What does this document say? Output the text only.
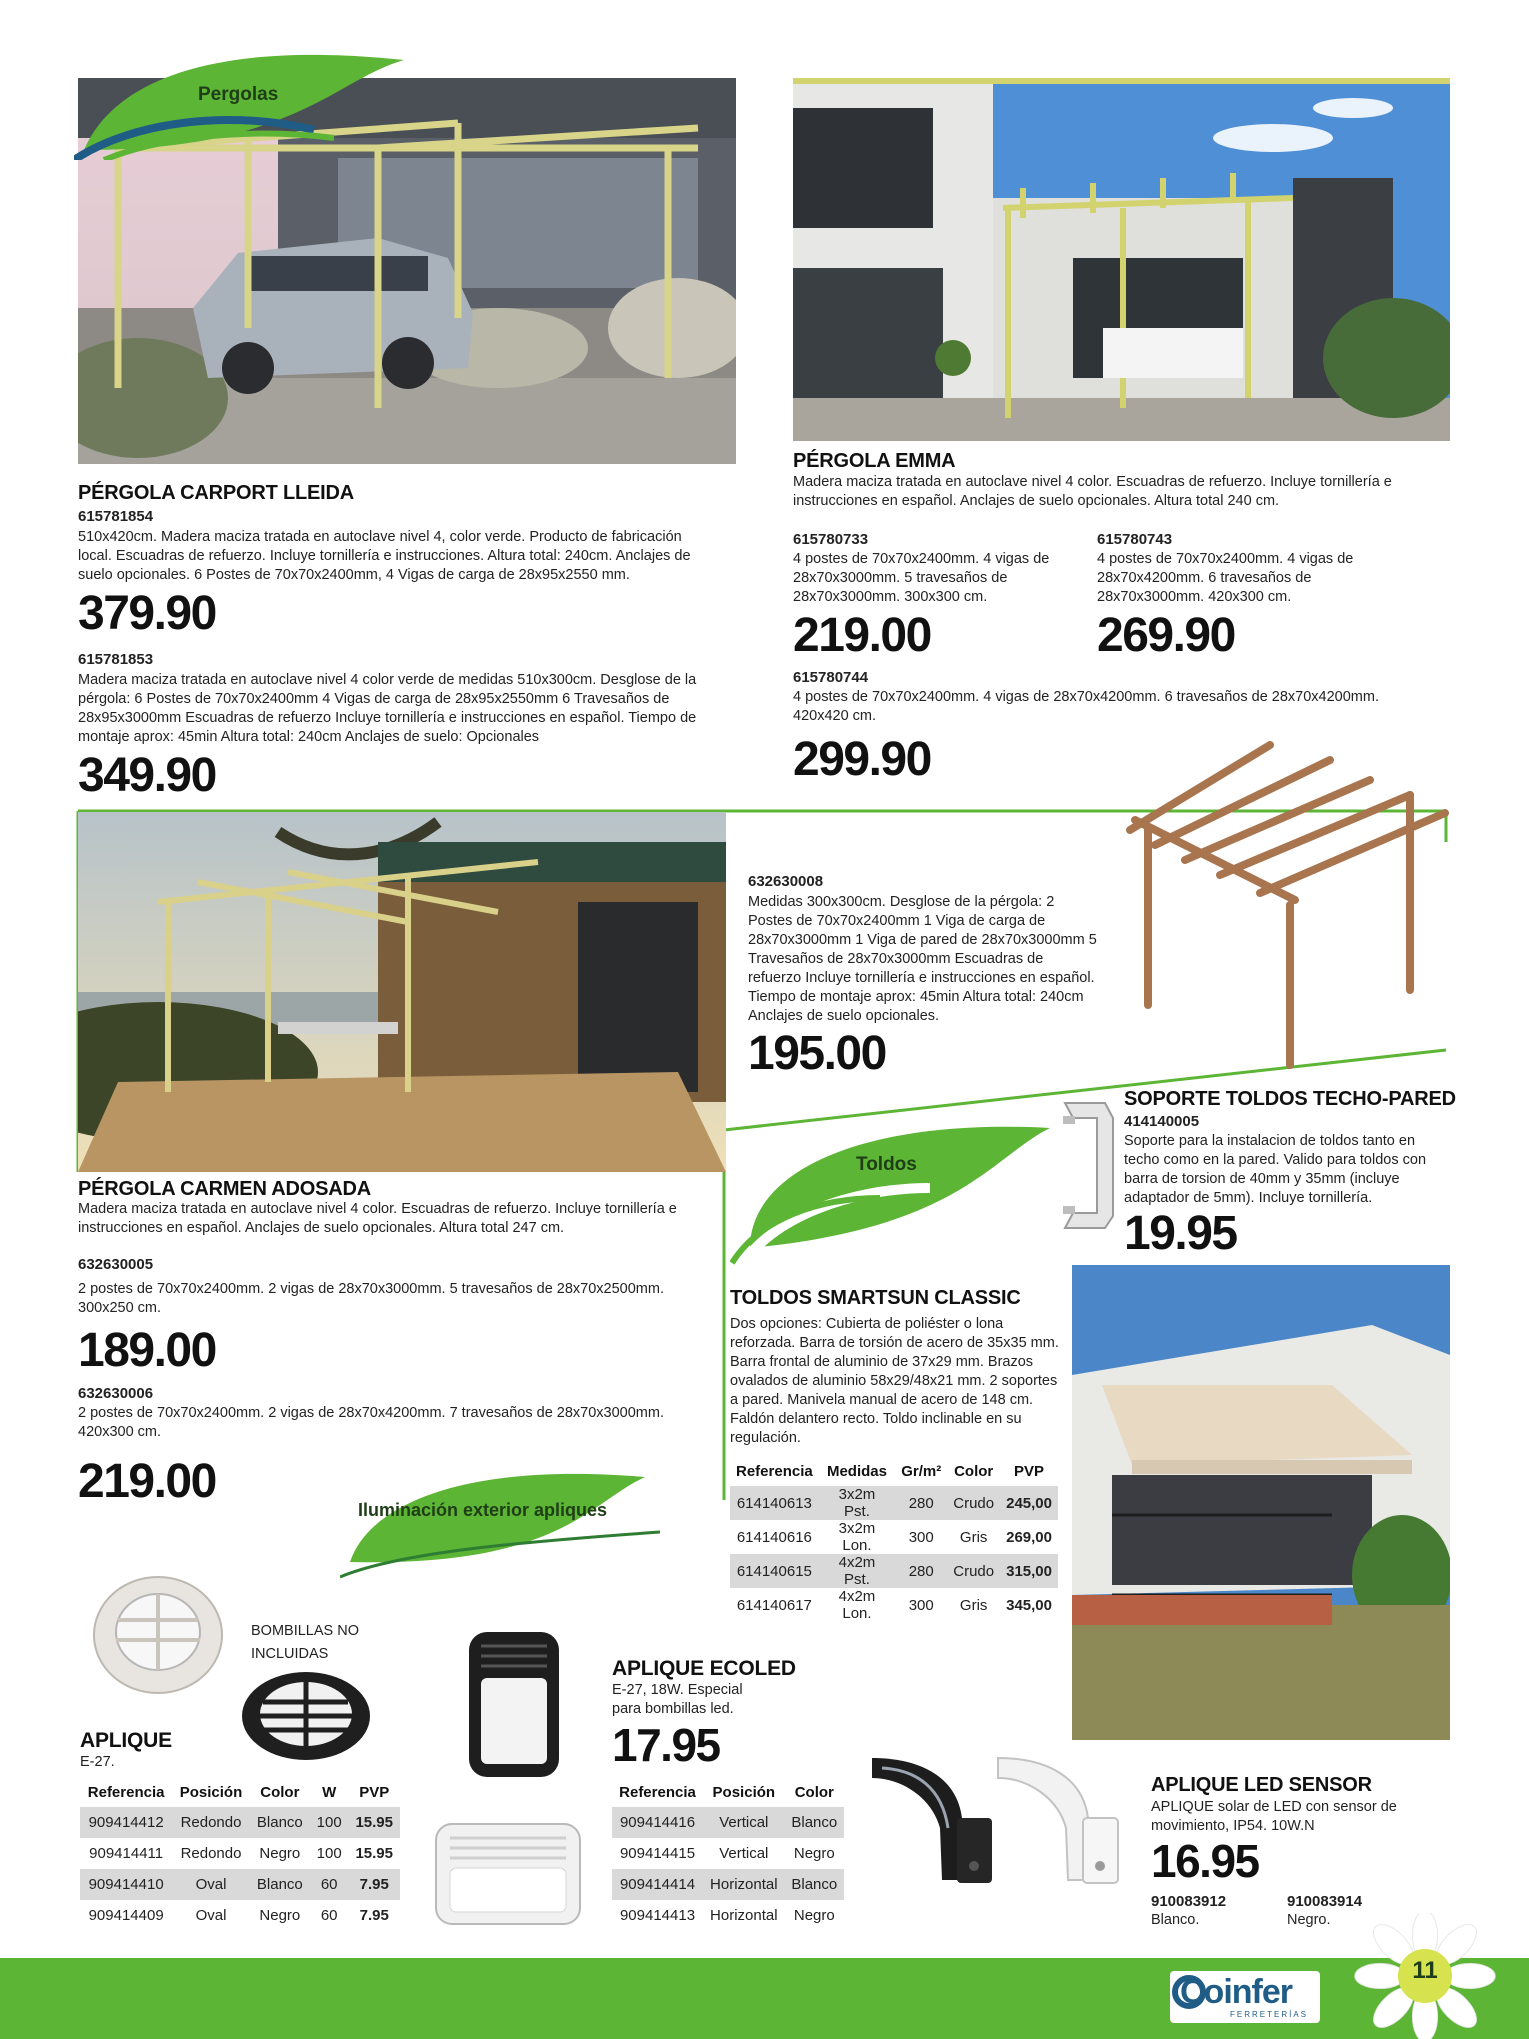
Pergolas
PÉRGOLA CARPORT LLEIDA
615781854
510x420cm. Madera maciza tratada en autoclave nivel 4, color verde. Producto de fabricación local. Escuadras de refuerzo. Incluye tornillería e instrucciones. Altura total: 240cm. Anclajes de suelo opcionales. 6 Postes de 70x70x2400mm, 4 Vigas de carga de 28x95x2550 mm.
379.90
615781853
Madera maciza tratada en autoclave nivel 4 color verde de medidas 510x300cm. Desglose de la pérgola: 6 Postes de 70x70x2400mm 4 Vigas de carga de 28x95x2550mm 6 Travesaños de 28x95x3000mm Escuadras de refuerzo Incluye tornillería e instrucciones en español. Tiempo de montaje aprox: 45min Altura total: 240cm Anclajes de suelo: Opcionales
349.90
PÉRGOLA EMMA
Madera maciza tratada en autoclave nivel 4 color. Escuadras de refuerzo. Incluye tornillería e instrucciones en español. Anclajes de suelo opcionales. Altura total 240 cm.
615780733
4 postes de 70x70x2400mm. 4 vigas de 28x70x3000mm. 5 travesaños de 28x70x3000mm. 300x300 cm.
219.00
615780743
4 postes de 70x70x2400mm. 4 vigas de 28x70x4200mm. 6 travesaños de 28x70x3000mm. 420x300 cm.
269.90
615780744
4 postes de 70x70x2400mm. 4 vigas de 28x70x4200mm. 6 travesaños de 28x70x4200mm. 420x420 cm.
299.90
632630008
Medidas 300x300cm. Desglose de la pérgola: 2 Postes de 70x70x2400mm 1 Viga de carga de 28x70x3000mm 1 Viga de pared de 28x70x3000mm 5 Travesaños de 28x70x3000mm Escuadras de refuerzo Incluye tornillería e instrucciones en español. Tiempo de montaje aprox: 45min Altura total: 240cm Anclajes de suelo opcionales.
195.00
PÉRGOLA CARMEN ADOSADA
Madera maciza tratada en autoclave nivel 4 color. Escuadras de refuerzo. Incluye tornillería e instrucciones en español. Anclajes de suelo opcionales. Altura total 247 cm.
632630005
2 postes de 70x70x2400mm. 2 vigas de 28x70x3000mm. 5 travesaños de 28x70x2500mm. 300x250 cm.
189.00
632630006
2 postes de 70x70x2400mm. 2 vigas de 28x70x4200mm. 7 travesaños de 28x70x3000mm. 420x300 cm.
219.00
SOPORTE TOLDOS TECHO-PARED
414140005
Soporte para la instalacion de toldos tanto en techo como en la pared. Valido para toldos con barra de torsion de 40mm y 35mm (incluye adaptador de 5mm). Incluye tornillería.
19.95
Toldos
TOLDOS SMARTSUN CLASSIC
Dos opciones: Cubierta de poliéster o lona reforzada. Barra de torsión de acero de 35x35 mm. Barra frontal de aluminio de 37x29 mm. Brazos ovalados de aluminio 58x29/48x21 mm. 2 soportes a pared. Manivela manual de acero de 148 cm. Faldón delantero recto. Toldo inclinable en su regulación.
Referencia	Medidas	Gr/m²	Color	PVP
614140613	3x2m Pst.	280	Crudo	245,00
614140616	3x2m Lon.	300	Gris	269,00
614140615	4x2m Pst.	280	Crudo	315,00
614140617	4x2m Lon.	300	Gris	345,00
Iluminación exterior apliques
BOMBILLAS NO INCLUIDAS
APLIQUE
E-27.
Referencia	Posición	Color	W	PVP
909414412	Redondo	Blanco	100	15.95
909414411	Redondo	Negro	100	15.95
909414410	Oval	Blanco	60	7.95
909414409	Oval	Negro	60	7.95
APLIQUE ECOLED
E-27, 18W. Especial para bombillas led.
17.95
Referencia	Posición	Color
909414416	Vertical	Blanco
909414415	Vertical	Negro
909414414	Horizontal	Blanco
909414413	Horizontal	Negro
APLIQUE LED SENSOR
APLIQUE solar de LED con sensor de movimiento, IP54. 10W.N
16.95
910083912
Blanco.
910083914
Negro.
Coinfer
FERRETERÍAS
11
